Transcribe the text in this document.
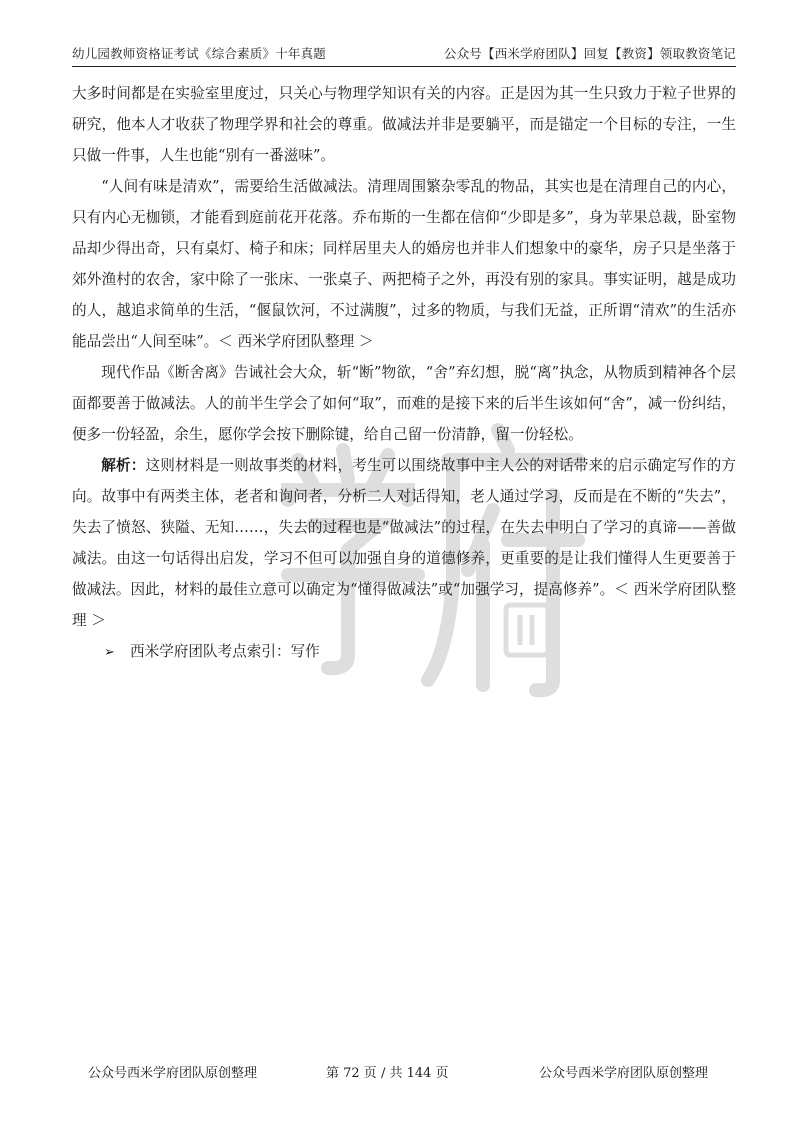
幼儿园教师资格证考试《综合素质》十年真题	公众号【西米学府团队】回复【教资】领取教资笔记

大多时间都是在实验室里度过，只关心与物理学知识有关的内容。正是因为其一生只致力于粒子世界的研究，他本人才收获了物理学界和社会的尊重。做减法并非是要躺平，而是锚定一个目标的专注，一生只做一件事，人生也能“别有一番滋味”。

“人间有味是清欢”，需要给生活做减法。清理周围繁杂零乱的物品，其实也是在清理自己的内心，只有内心无枷锁，才能看到庭前花开花落。乔布斯的一生都在信仰“少即是多”，身为苹果总裁，卧室物品却少得出奇，只有桌灯、椅子和床；同样居里夫人的婚房也并非人们想象中的豪华，房子只是坐落于郊外渔村的农舍，家中除了一张床、一张桌子、两把椅子之外，再没有别的家具。事实证明，越是成功的人，越追求简单的生活，“偃鼠饮河，不过满腹”，过多的物质，与我们无益，正所谓“清欢”的生活亦能品尝出“人间至味”。＜ 西米学府团队整理 ＞

现代作品《断舍离》告诫社会大众，斩“断”物欲，“舍”弃幻想，脱“离”执念，从物质到精神各个层面都要善于做减法。人的前半生学会了如何“取”，而难的是接下来的后半生该如何“舍”，减一份纠结，便多一份轻盈，余生，愿你学会按下删除键，给自己留一份清静，留一份轻松。

解析：这则材料是一则故事类的材料，考生可以围绕故事中主人公的对话带来的启示确定写作的方向。故事中有两类主体，老者和询问者，分析二人对话得知，老人通过学习，反而是在不断的“失去”，失去了愤怒、狭隘、无知……，失去的过程也是“做减法”的过程，在失去中明白了学习的真谛——善做减法。由这一句话得出启发，学习不但可以加强自身的道德修养，更重要的是让我们懂得人生更要善于做减法。因此，材料的最佳立意可以确定为“懂得做减法”或“加强学习，提高修养”。＜ 西米学府团队整理 ＞

➢ 西米学府团队考点索引：写作

公众号西米学府团队原创整理	第 72 页 / 共 144 页	公众号西米学府团队原创整理
